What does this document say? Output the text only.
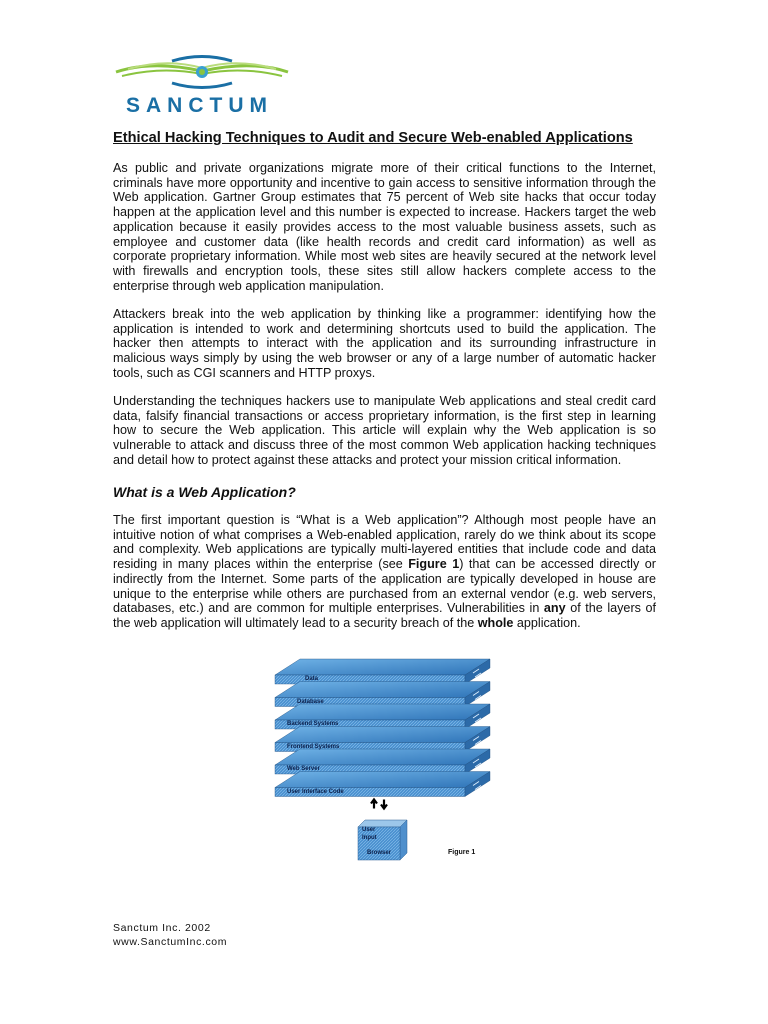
SANCTUM
Ethical Hacking Techniques to Audit and Secure Web-enabled Applications

As public and private organizations migrate more of their critical functions to the Internet, criminals have more opportunity and incentive to gain access to sensitive information through the Web application. Gartner Group estimates that 75 percent of Web site hacks that occur today happen at the application level and this number is expected to increase. Hackers target the web application because it easily provides access to the most valuable business assets, such as employee and customer data (like health records and credit card information) as well as corporate proprietary information. While most web sites are heavily secured at the network level with firewalls and encryption tools, these sites still allow hackers complete access to the enterprise through web application manipulation.

Attackers break into the web application by thinking like a programmer: identifying how the application is intended to work and determining shortcuts used to build the application. The hacker then attempts to interact with the application and its surrounding infrastructure in malicious ways simply by using the web browser or any of a large number of automatic hacker tools, such as CGI scanners and HTTP proxys.

Understanding the techniques hackers use to manipulate Web applications and steal credit card data, falsify financial transactions or access proprietary information, is the first step in learning how to secure the Web application. This article will explain why the Web application is so vulnerable to attack and discuss three of the most common Web application hacking techniques and detail how to protect against these attacks and protect your mission critical information.

What is a Web Application?

The first important question is “What is a Web application”? Although most people have an intuitive notion of what comprises a Web-enabled application, rarely do we think about its scope and complexity. Web applications are typically multi-layered entities that include code and data residing in many places within the enterprise (see Figure 1) that can be accessed directly or indirectly from the Internet. Some parts of the application are typically developed in house are unique to the enterprise while others are purchased from an external vendor (e.g. web servers, databases, etc.) and are common for multiple enterprises. Vulnerabilities in any of the layers of the web application will ultimately lead to a security breach of the whole application.

User
Input
Browser
Data
Database
Backend Systems
Frontend Systems
Web Server
User Interface Code
Figure 1
Sanctum Inc. 2002
www.SanctumInc.com
